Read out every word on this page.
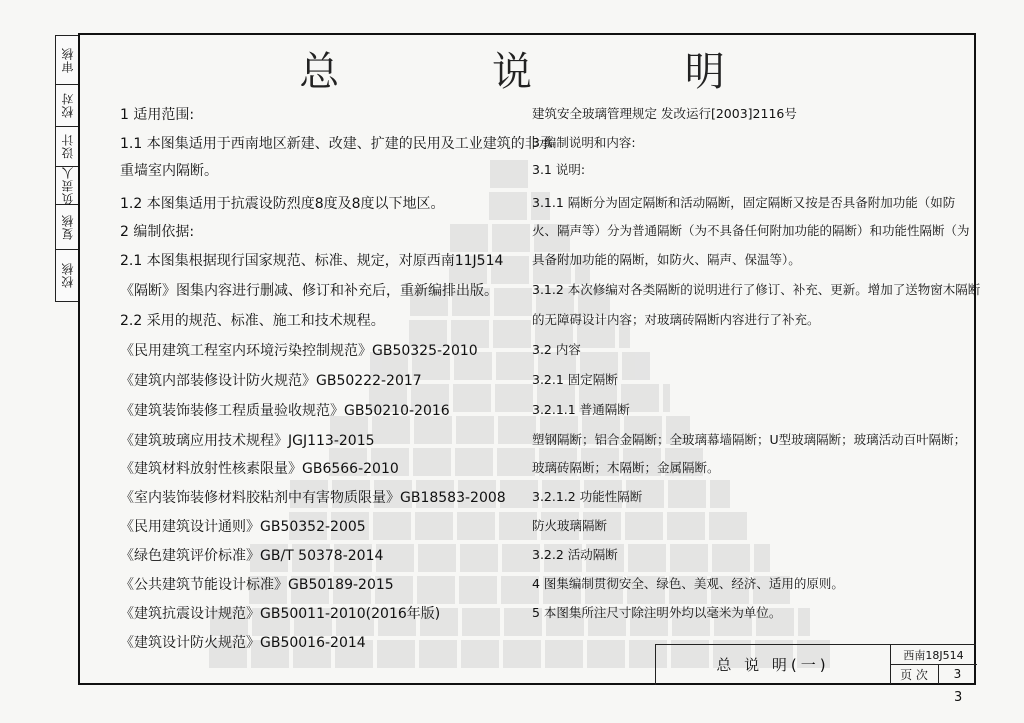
审核
校对
设计
负责人
复核
校核
总 说 明
1 适用范围:
1.1 本图集适用于西南地区新建、改建、扩建的民用及工业建筑的非承
重墙室内隔断。
1.2 本图集适用于抗震设防烈度8度及8度以下地区。
2 编制依据:
2.1 本图集根据现行国家规范、标准、规定，对原西南11J514
《隔断》图集内容进行删减、修订和补充后，重新编排出版。
2.2 采用的规范、标准、施工和技术规程。
《民用建筑工程室内环境污染控制规范》GB50325-2010
《建筑内部装修设计防火规范》GB50222-2017
《建筑装饰装修工程质量验收规范》GB50210-2016
《建筑玻璃应用技术规程》JGJ113-2015
《建筑材料放射性核素限量》GB6566-2010
《室内装饰装修材料胶粘剂中有害物质限量》GB18583-2008
《民用建筑设计通则》GB50352-2005
《绿色建筑评价标准》GB/T 50378-2014
《公共建筑节能设计标准》GB50189-2015
《建筑抗震设计规范》GB50011-2010(2016年版)
《建筑设计防火规范》GB50016-2014
建筑安全玻璃管理规定 发改运行[2003]2116号
3 编制说明和内容:
3.1 说明:
3.1.1 隔断分为固定隔断和活动隔断，固定隔断又按是否具备附加功能（如防
火、隔声等）分为普通隔断（为不具备任何附加功能的隔断）和功能性隔断（为
具备附加功能的隔断，如防火、隔声、保温等）。
3.1.2 本次修编对各类隔断的说明进行了修订、补充、更新。增加了送物窗木隔断
的无障碍设计内容；对玻璃砖隔断内容进行了补充。
3.2 内容
3.2.1 固定隔断
3.2.1.1 普通隔断
塑钢隔断；铝合金隔断；全玻璃幕墙隔断；U型玻璃隔断；玻璃活动百叶隔断；
玻璃砖隔断；木隔断；金属隔断。
3.2.1.2 功能性隔断
防火玻璃隔断
3.2.2 活动隔断
4 图集编制贯彻安全、绿色、美观、经济、适用的原则。
5 本图集所注尺寸除注明外均以毫米为单位。
总 说 明(一)
西南18J514
页 次	3
3
